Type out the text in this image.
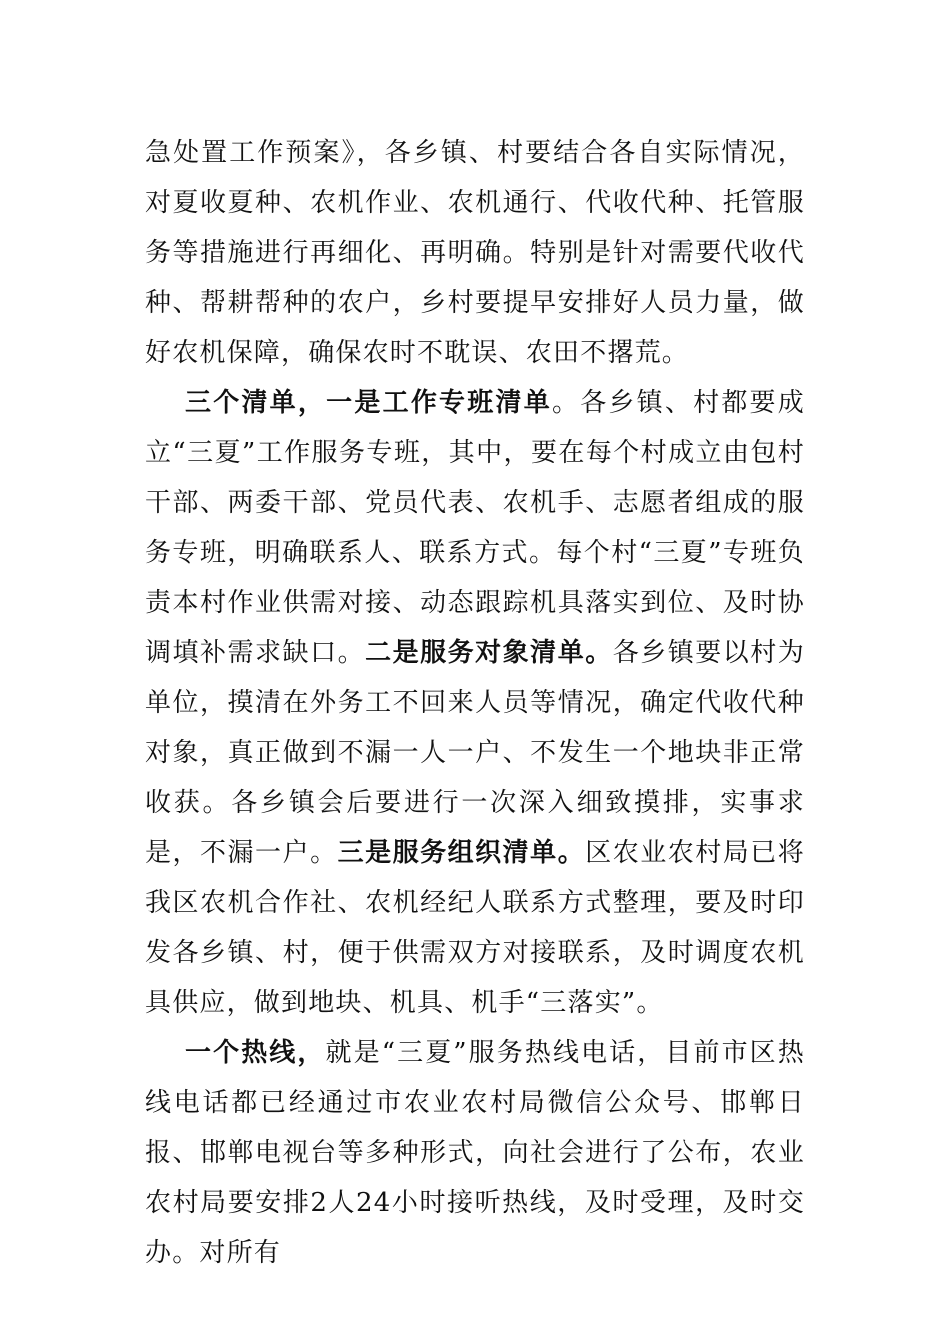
急处置工作预案》，各乡镇、村要结合各自实际情况，对夏收夏种、农机作业、农机通行、代收代种、托管服务等措施进行再细化、再明确。特别是针对需要代收代种、帮耕帮种的农户，乡村要提早安排好人员力量，做好农机保障，确保农时不耽误、农田不撂荒。

三个清单，一是工作专班清单。各乡镇、村都要成立“三夏”工作服务专班，其中，要在每个村成立由包村干部、两委干部、党员代表、农机手、志愿者组成的服务专班，明确联系人、联系方式。每个村“三夏”专班负责本村作业供需对接、动态跟踪机具落实到位、及时协调填补需求缺口。二是服务对象清单。各乡镇要以村为单位，摸清在外务工不回来人员等情况，确定代收代种对象，真正做到不漏一人一户、不发生一个地块非正常收获。各乡镇会后要进行一次深入细致摸排，实事求是，不漏一户。三是服务组织清单。区农业农村局已将我区农机合作社、农机经纪人联系方式整理，要及时印发各乡镇、村，便于供需双方对接联系，及时调度农机具供应，做到地块、机具、机手“三落实”。

一个热线，就是“三夏”服务热线电话，目前市区热线电话都已经通过市农业农村局微信公众号、邯郸日报、邯郸电视台等多种形式，向社会进行了公布，农业农村局要安排2人24小时接听热线，及时受理，及时交办。对所有
